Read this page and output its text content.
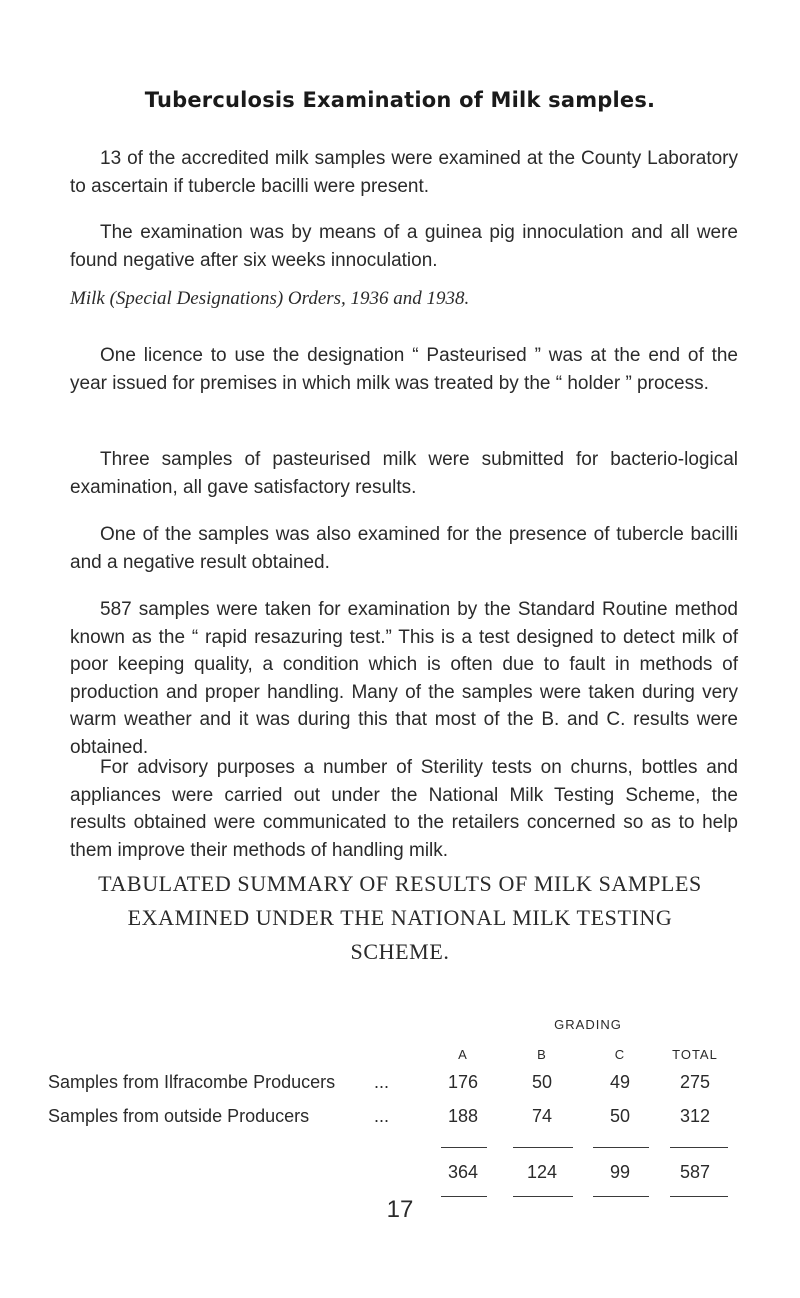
Tuberculosis Examination of Milk samples.
13 of the accredited milk samples were examined at the County Laboratory to ascertain if tubercle bacilli were present.
The examination was by means of a guinea pig innoculation and all were found negative after six weeks innoculation.
Milk (Special Designations) Orders, 1936 and 1938.
One licence to use the designation “ Pasteurised ” was at the end of the year issued for premises in which milk was treated by the “ holder ” process.
Three samples of pasteurised milk were submitted for bacterio-logical examination, all gave satisfactory results.
One of the samples was also examined for the presence of tubercle bacilli and a negative result obtained.
587 samples were taken for examination by the Standard Routine method known as the “ rapid resazuring test.” This is a test designed to detect milk of poor keeping quality, a condition which is often due to fault in methods of production and proper handling. Many of the samples were taken during very warm weather and it was during this that most of the B. and C. results were obtained.
For advisory purposes a number of Sterility tests on churns, bottles and appliances were carried out under the National Milk Testing Scheme, the results obtained were communicated to the retailers concerned so as to help them improve their methods of handling milk.
TABULATED SUMMARY OF RESULTS OF MILK SAMPLES
EXAMINED UNDER THE NATIONAL MILK TESTING
SCHEME.
GRADING
A	B	C	TOTAL
Samples from Ilfracombe Producers ...	176	50	49	275
Samples from outside Producers	...	188	74	50	312
364	124	99	587
17
